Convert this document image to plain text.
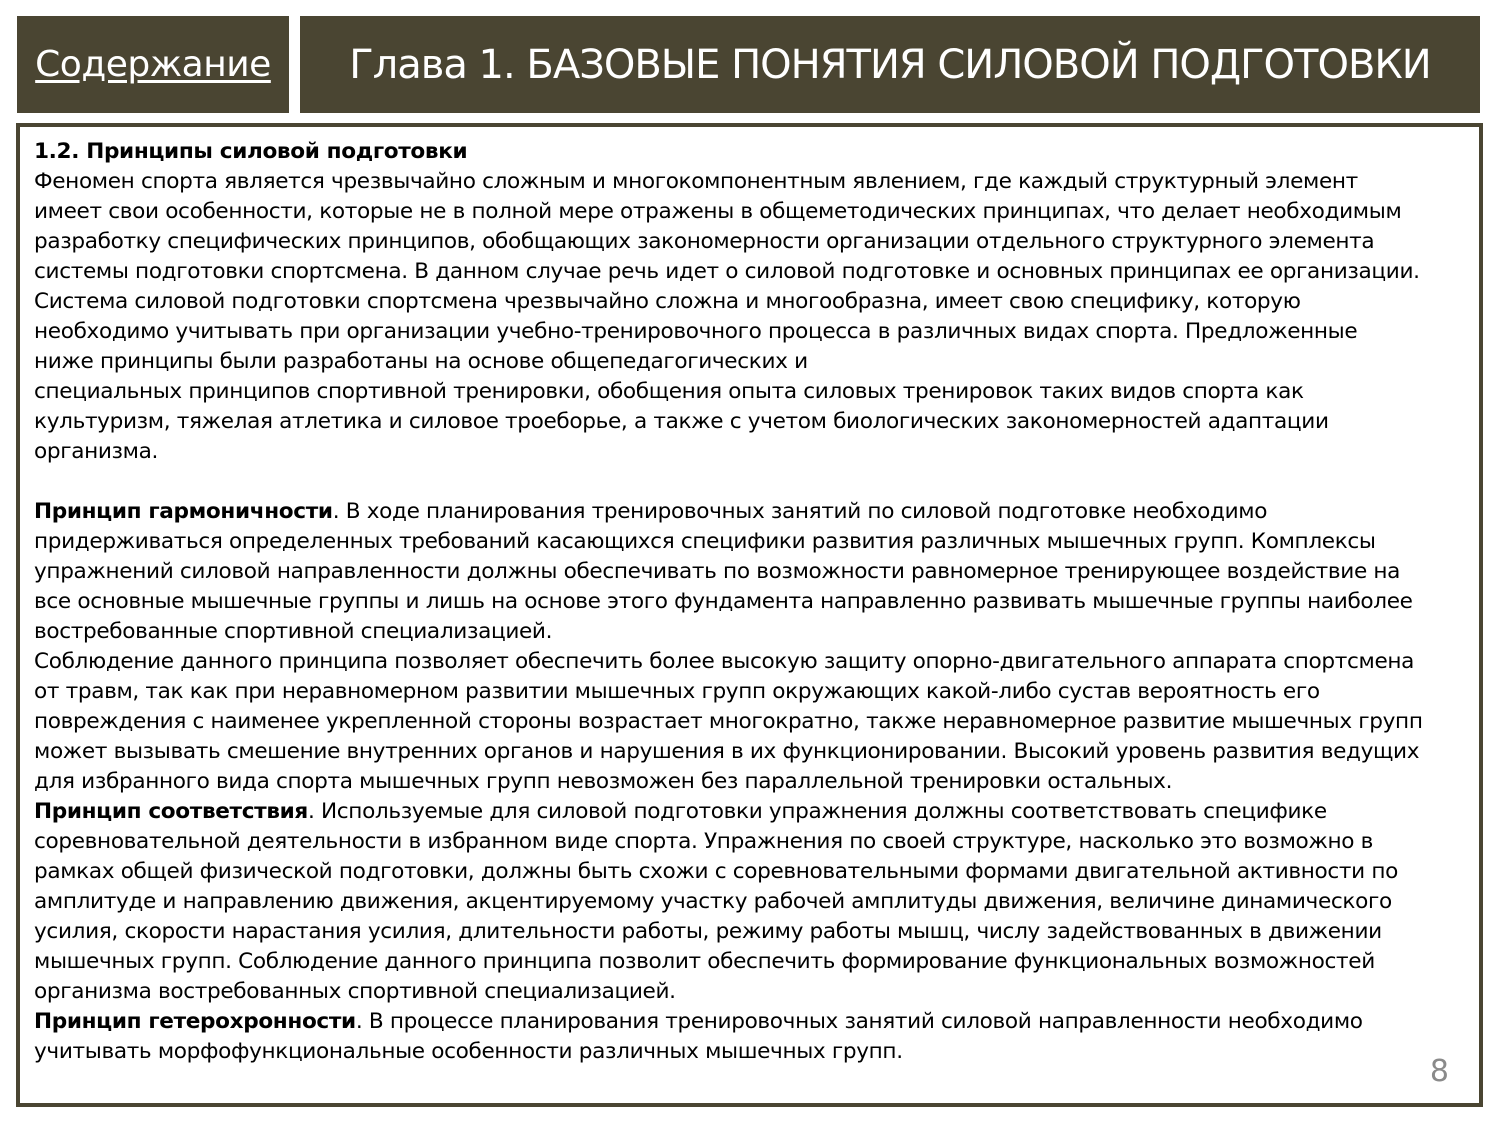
Содержание Глава 1. БАЗОВЫЕ ПОНЯТИЯ СИЛОВОЙ ПОДГОТОВКИ
1.2. Принципы силовой подготовки
Феномен спорта является чрезвычайно сложным и многокомпонентным явлением, где каждый структурный элемент
имеет свои особенности, которые не в полной мере отражены в общеметодических принципах, что делает необходимым
разработку специфических принципов, обобщающих закономерности организации отдельного структурного элемента
системы подготовки спортсмена. В данном случае речь идет о силовой подготовке и основных принципах ее организации.
Система силовой подготовки спортсмена чрезвычайно сложна и многообразна, имеет свою специфику, которую
необходимо учитывать при организации учебно-тренировочного процесса в различных видах спорта. Предложенные
ниже принципы были разработаны на основе общепедагогических и
специальных принципов спортивной тренировки, обобщения опыта силовых тренировок таких видов спорта как
культуризм, тяжелая атлетика и силовое троеборье, а также с учетом биологических закономерностей адаптации
организма.
Принцип гармоничности. В ходе планирования тренировочных занятий по силовой подготовке необходимо
придерживаться определенных требований касающихся специфики развития различных мышечных групп. Комплексы
упражнений силовой направленности должны обеспечивать по возможности равномерное тренирующее воздействие на
все основные мышечные группы и лишь на основе этого фундамента направленно развивать мышечные группы наиболее
востребованные спортивной специализацией.
Соблюдение данного принципа позволяет обеспечить более высокую защиту опорно-двигательного аппарата спортсмена
от травм, так как при неравномерном развитии мышечных групп окружающих какой-либо сустав вероятность его
повреждения с наименее укрепленной стороны возрастает многократно, также неравномерное развитие мышечных групп
может вызывать смешение внутренних органов и нарушения в их функционировании. Высокий уровень развития ведущих
для избранного вида спорта мышечных групп невозможен без параллельной тренировки остальных.
Принцип соответствия. Используемые для силовой подготовки упражнения должны соответствовать специфике
соревновательной деятельности в избранном виде спорта. Упражнения по своей структуре, насколько это возможно в
рамках общей физической подготовки, должны быть схожи с соревновательными формами двигательной активности по
амплитуде и направлению движения, акцентируемому участку рабочей амплитуды движения, величине динамического
усилия, скорости нарастания усилия, длительности работы, режиму работы мышц, числу задействованных в движении
мышечных групп. Соблюдение данного принципа позволит обеспечить формирование функциональных возможностей
организма востребованных спортивной специализацией.
Принцип гетерохронности. В процессе планирования тренировочных занятий силовой направленности необходимо
учитывать морфофункциональные особенности различных мышечных групп.
8
